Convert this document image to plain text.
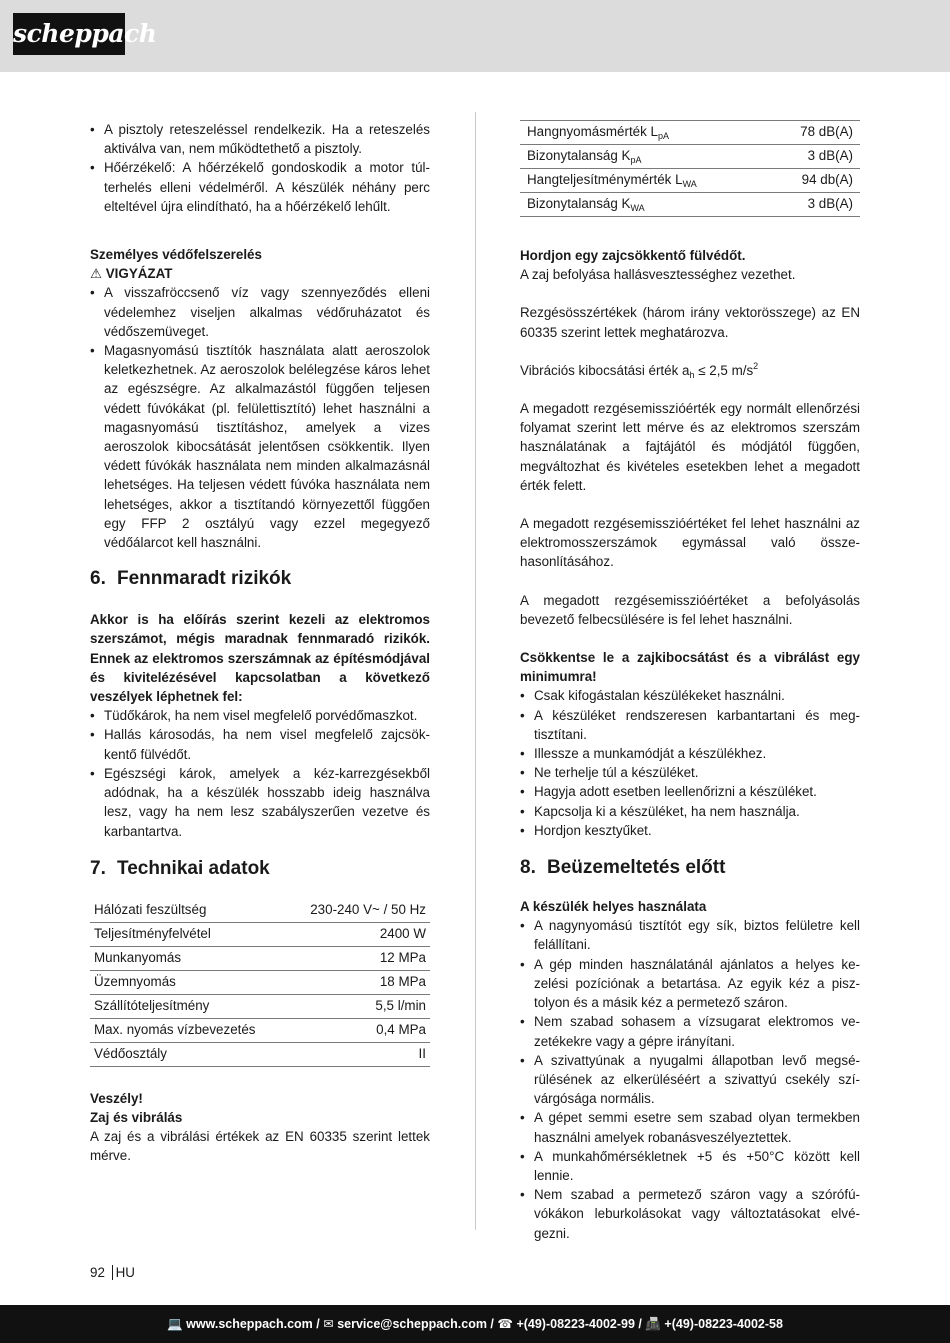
scheppach
• A pisztoly reteszeléssel rendelkezik. Ha a reteszelés aktiválva van, nem működtethető a pisztoly.
• Hőérzékelő: A hőérzékelő gondoskodik a motor túlterhelés elleni védelméről. A készülék néhány perc elteltével újra elindítható, ha a hőérzékelő lehűlt.

Személyes védőfelszerelés

⚠ VIGYÁZAT

• A visszafröccsenő víz vagy szennyeződés elleni védelemhez viseljen alkalmas védőruházatot és védőszemüveget.
• Magasnyomású tisztítók használata alatt aeroszolok keletkezhetnek. Az aeroszolok belélegzése káros lehet az egészségre. Az alkalmazástól függően teljesen védett fúvókákat (pl. felülettisztító) lehet használni a magasnyomású tisztításhoz, amelyek a vizes aeroszolok kibocsátását jelentősen csökkentik. Ilyen védett fúvókák használata nem minden alkalmazásnál lehetséges. Ha teljesen védett fúvóka használata nem lehetséges, akkor a tisztítandó környezettől függően egy FFP 2 osztályú vagy ezzel megegyező védőálarcot kell használni.
6. Fennmaradt rizikók

Akkor is ha előírás szerint kezeli az elektromos szerszámot, mégis maradnak fennmaradó rizikók. Ennek az elektromos szerszámnak az építésmódjával és kivitelézésével kapcsolatban a következő veszélyek léphetnek fel:

• Tüdőkárok, ha nem visel megfelelő porvédőmaszkot.
• Hallás károsodás, ha nem visel megfelelő zajcsökkentő fülvédőt.
• Egészségi károk, amelyek a kéz-karrezgésekből adódnak, ha a készülék hosszabb ideig használva lesz, vagy ha nem lesz szabályszerűen vezetve és karbantartva.
7. Technikai adatok
Hálózati feszültség	230-240 V~ / 50 Hz
Teljesítményfelvétel	2400 W
Munkanyomás	12 MPa
Üzemnyomás	18 MPa
Szállítóteljesítmény	5,5 l/min
Max. nyomás vízbevezetés	0,4 MPa
Védőosztály	II

Veszély!

Zaj és vibrálás

A zaj és a vibrálási értékek az EN 60335 szerint lettek mérve.

Hangnyomásmérték $L_{pA}$	78 dB(A)
Bizonytalanság $K_{pA}$	3 dB(A)
Hangteljesítménymérték $L_{WA}$	94 db(A)
Bizonytalanság $K_{WA}$	3 dB(A)

Hordjon egy zajcsökkentő fülvédőt.

A zaj befolyása hallásvesztességhez vezethet.

Rezgésösszértékek (három irány vektorösszege) az EN 60335 szerint lettek meghatározva.

Vibrációs kibocsátási érték $a_h \le 2,5$ $m/s^2$

A megadott rezgésemisszióérték egy normált ellenőrzési folyamat szerint lett mérve és az elektromos szerszám használatának a fajtájától és módjától függően, megváltozhat és kivételes esetekben lehet a megadott érték felett.

A megadott rezgésemisszióértéket fel lehet használni az elektromosszerszámok egymással való összehasonlításához.

A megadott rezgésemisszióértéket a befolyásolás bevezető felbecsülésére is fel lehet használni.

Csökkentse le a zajkibocsátást és a vibrálást egy minimumra!

• Csak kifogástalan készülékeket használni.
• A készüléket rendszeresen karbantartani és megtisztítani.
• Illessze a munkamódját a készülékhez.
• Ne terhelje túl a készüléket.
• Hagyja adott esetben leellenőrizni a készüléket.
• Kapcsolja ki a készüléket, ha nem használja.
• Hordjon kesztyűket.
8. Beüzemeltetés előtt

A készülék helyes használata

• A nagynyomású tisztítót egy sík, biztos felületre kell felállítani.
• A gép minden használatánál ajánlatos a helyes kezelési pozíciónak a betartása. Az egyik kéz a pisztolyon és a másik kéz a permetező száron.
• Nem szabad sohasem a vízsugarat elektromos vezetékekre vagy a gépre irányítani.
• A szivattyúnak a nyugalmi állapotban levő megsérülésének az elkerüléséért a szivattyú csekély szívárgósága normális.
• A gépet semmi esetre sem szabad olyan termekben használni amelyek robanásveszélyeztettek.
• A munkahőmérsékletnek +5 és +50°C között kell lennie.
• Nem szabad a permetező száron vagy a szórófúvókákon leburkolásokat vagy változtatásokat elvégezni.
92 HU
💻 www.scheppach.com / ✉ service@scheppach.com / ☎ +(49)-08223-4002-99 / 📠 +(49)-08223-4002-58
